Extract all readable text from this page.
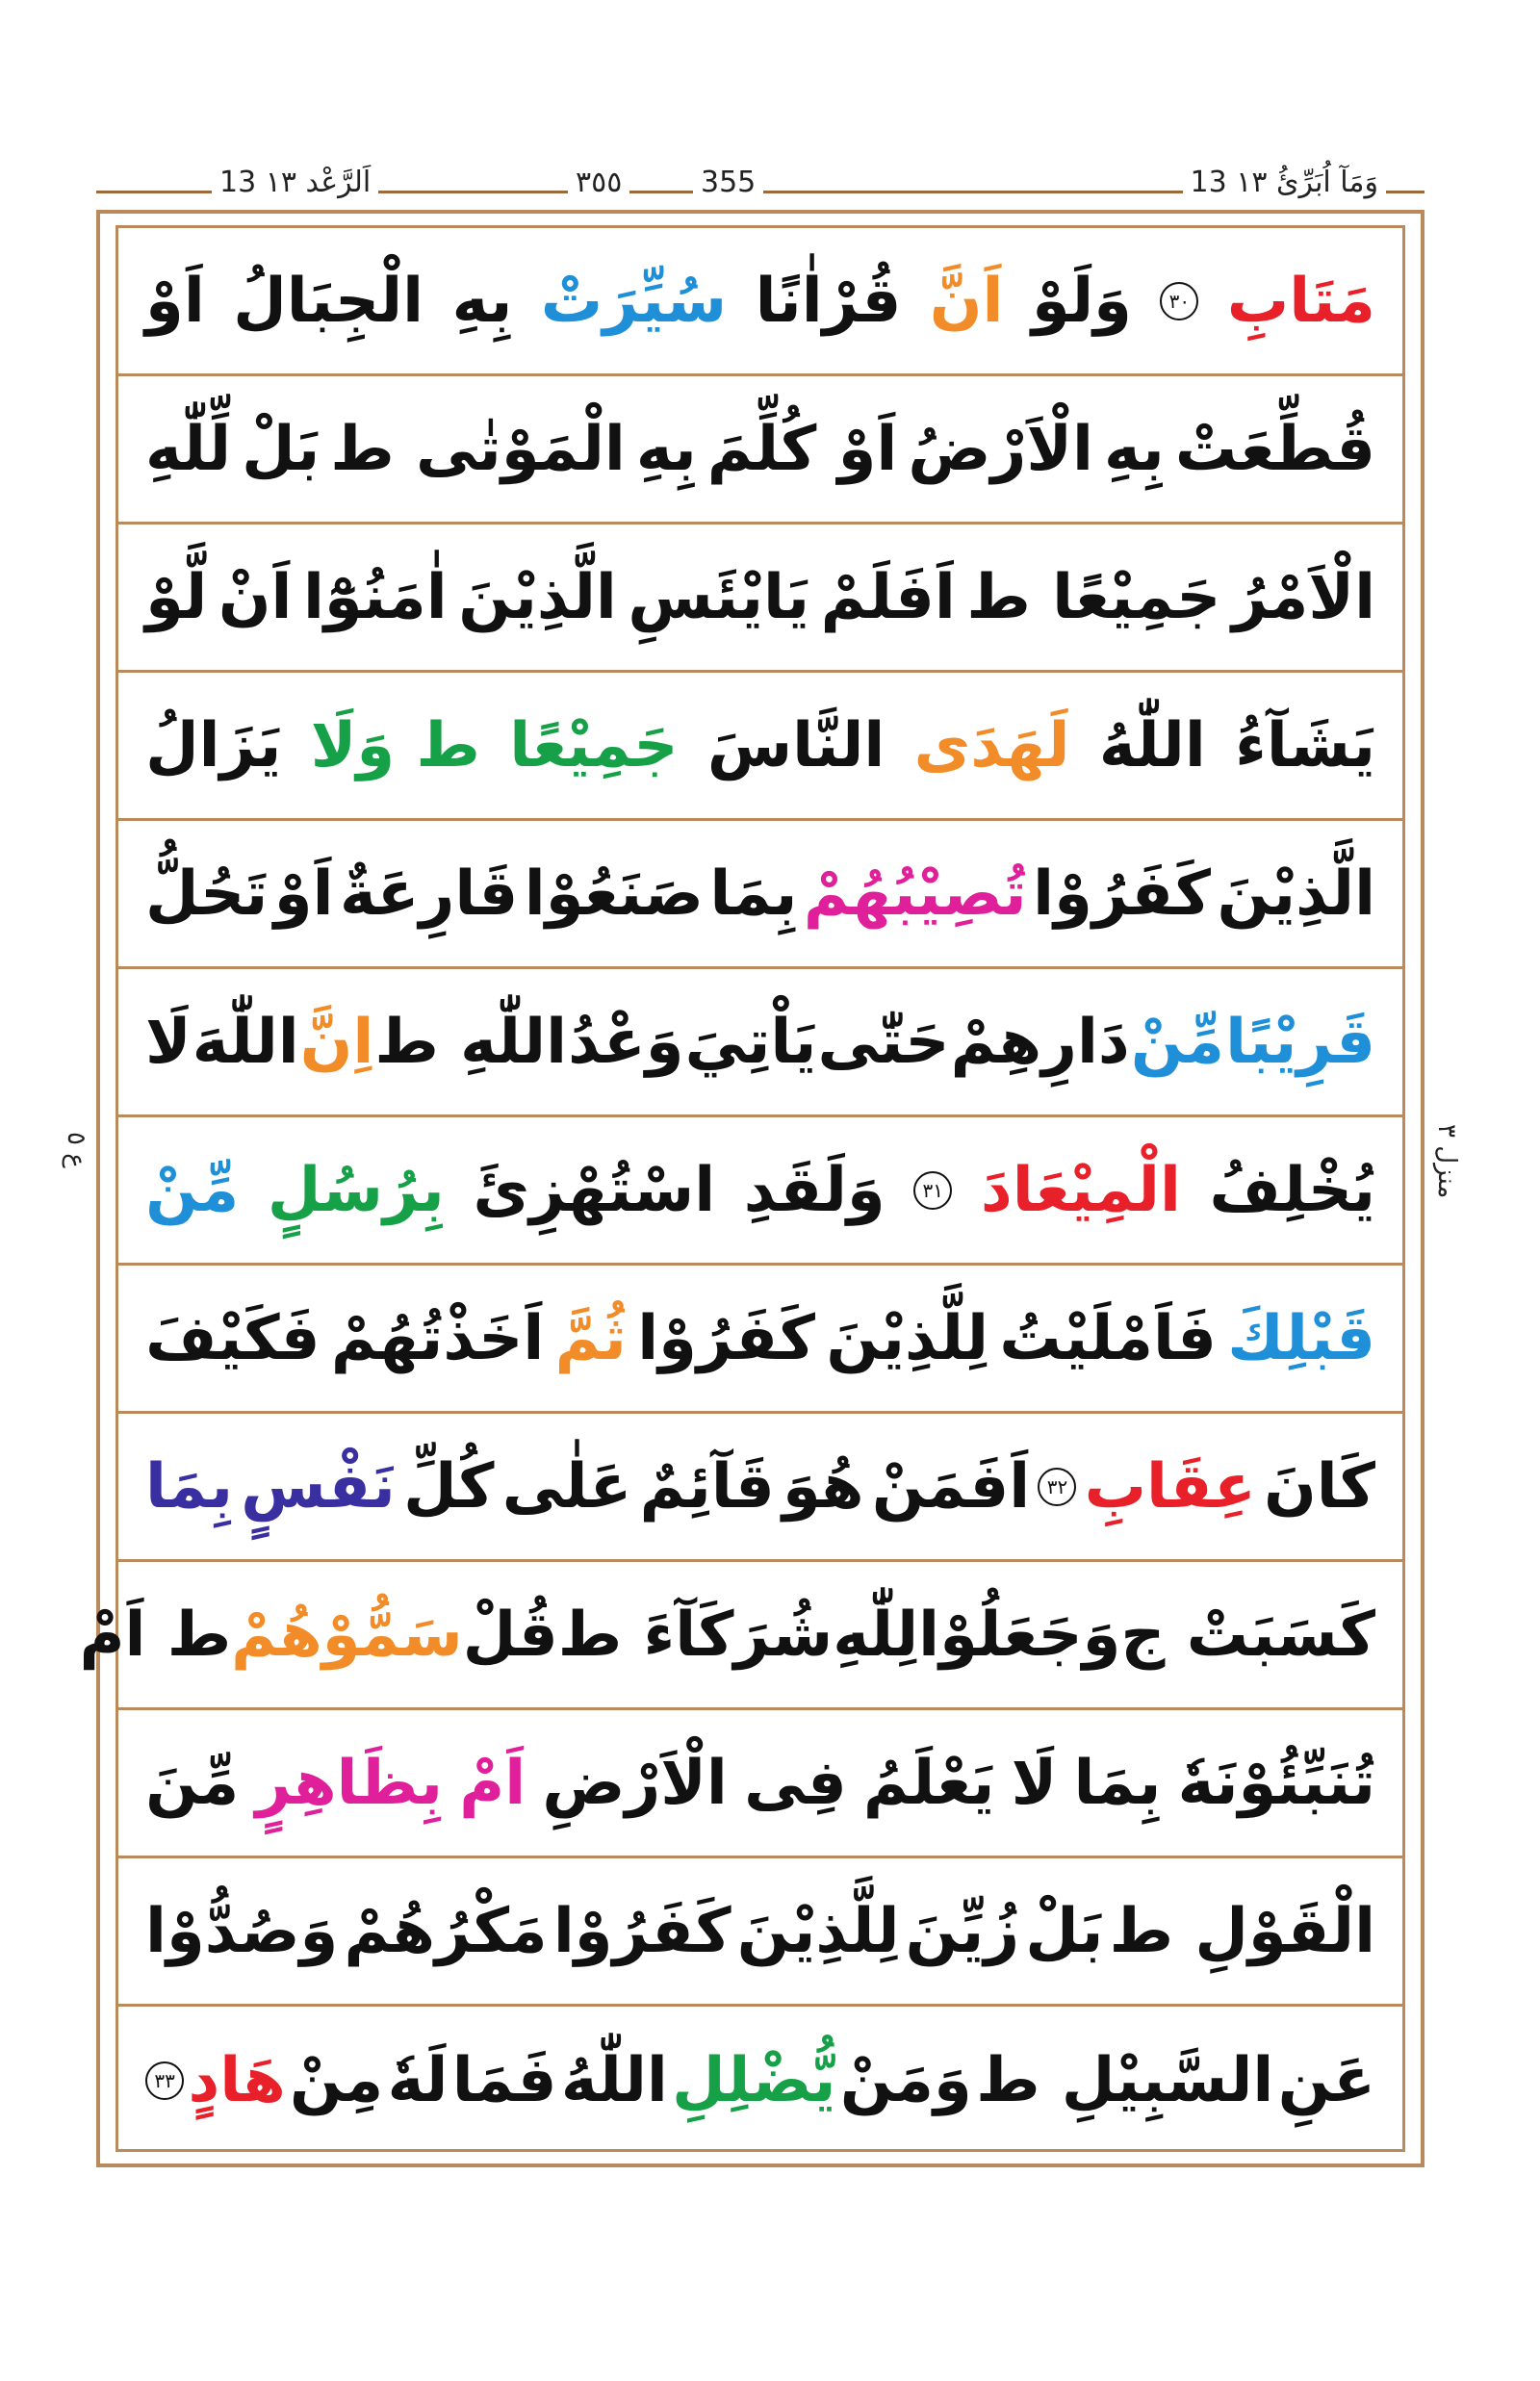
13 وَمَآ اُبَرِّئُ ١٣
355
٣٥٥
13 اَلرَّعْد ١٣
مَتَابِ
٣٠
وَلَوْ
اَنَّ
قُرْاٰنًا
سُيِّرَتْ
بِهِ
الْجِبَالُ
اَوْ
قُطِّعَتْ
بِهِ
الْاَرْضُ
اَوْ كُلِّمَ
بِهِ
الْمَوْتٰى ط
بَلْ
لِّلّٰهِ
الْاَمْرُ
جَمِيْعًا ط
اَفَلَمْ
يَايْئَسِ
الَّذِيْنَ
اٰمَنُوْٓا
اَنْ
لَّوْ
يَشَآءُ
اللّٰهُ
لَهَدَى
النَّاسَ
جَمِيْعًا
ط وَلَا
يَزَالُ
الَّذِيْنَ
كَفَرُوْا
تُصِيْبُهُمْ
بِمَا
صَنَعُوْا
قَارِعَةٌ
اَوْ
تَحُلُّ
قَرِيْبًا
مِّنْ
دَارِهِمْ
حَتّٰى
يَاْتِيَ
وَعْدُ
اللّٰهِ ط
اِنَّ
اللّٰهَ
لَا
يُخْلِفُ
الْمِيْعَادَ
٣١
وَلَقَدِ
اسْتُهْزِئَ
بِرُسُلٍ
مِّنْ
قَبْلِكَ
فَاَمْلَيْتُ
لِلَّذِيْنَ
كَفَرُوْا
ثُمَّ
اَخَذْتُهُمْ
فَكَيْفَ
كَانَ
عِقَابِ
٣٢
اَفَمَنْ
هُوَ
قَآئِمٌ
عَلٰى
كُلِّ
نَفْسٍ
بِمَا
كَسَبَتْ ج
وَجَعَلُوْا
لِلّٰهِ
شُرَكَآءَ ط
قُلْ
سَمُّوْهُمْ
ط اَمْ
تُنَبِّئُوْنَهٗ
بِمَا
لَا
يَعْلَمُ
فِى
الْاَرْضِ
اَمْ
بِظَاهِرٍ
مِّنَ
الْقَوْلِ ط
بَلْ
زُيِّنَ
لِلَّذِيْنَ
كَفَرُوْا
مَكْرُهُمْ
وَصُدُّوْا
عَنِ
السَّبِيْلِ ط
وَمَنْ
يُّضْلِلِ
اللّٰهُ
فَمَا
لَهٗ
مِنْ
هَادٍ
٣٣
منزل ٣
ع ٥
